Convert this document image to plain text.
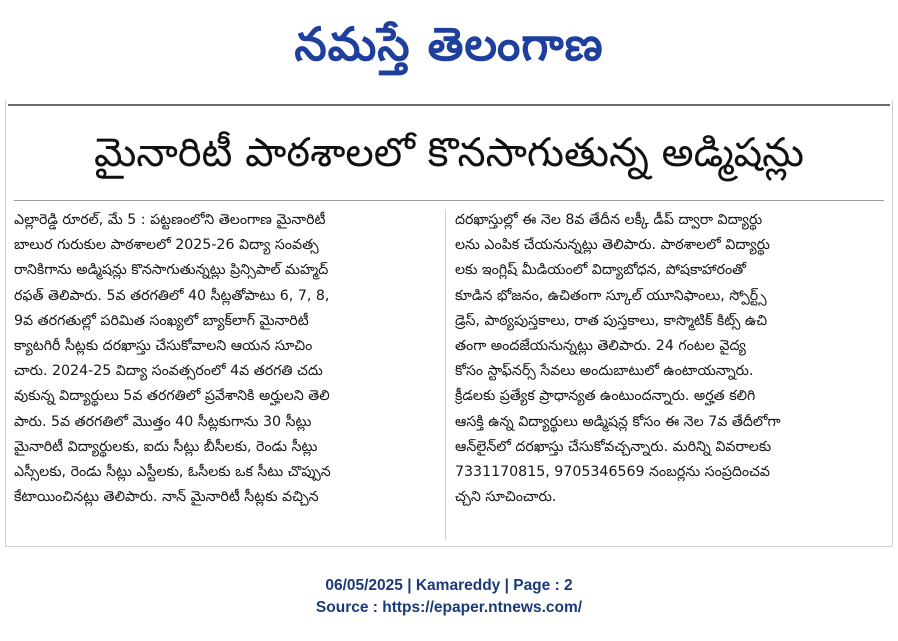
నమస్తే తెలంగాణ
మైనారిటీ పాఠశాలలో కొనసాగుతున్న అడ్మిషన్లు
ఎల్లారెడ్డి రూరల్, మే 5 : పట్టణంలోని తెలంగాణ మైనారిటీ
బాలుర గురుకుల పాఠశాలలో 2025-26 విద్యా సంవత్స
రానికిగాను అడ్మిషన్లు కొనసాగుతున్నట్లు ప్రిన్సిపాల్ మహ్మద్
రఫత్ తెలిపారు. 5వ తరగతిలో 40 సీట్లతోపాటు 6, 7, 8,
9వ తరగతుల్లో పరిమిత సంఖ్యలో బ్యాక్‌లాగ్ మైనారిటీ
క్యాటగిరీ సీట్లకు దరఖాస్తు చేసుకోవాలని ఆయన సూచిం
చారు. 2024-25 విద్యా సంవత్సరంలో 4వ తరగతి చదు
వుకున్న విద్యార్థులు 5వ తరగతిలో ప్రవేశానికి అర్హులని తెలి
పారు. 5వ తరగతిలో మొత్తం 40 సీట్లకుగాను 30 సీట్లు
మైనారిటీ విద్యార్థులకు, ఐదు సీట్లు బీసీలకు, రెండు సీట్లు
ఎస్సీలకు, రెండు సీట్లు ఎస్టీలకు, ఓసీలకు ఒక సీటు చొప్పున
కేటాయించినట్లు తెలిపారు. నాన్ మైనారిటీ సీట్లకు వచ్చిన
దరఖాస్తుల్లో ఈ నెల 8వ తేదీన లక్కీ డీప్ ద్వారా విద్యార్థు
లను ఎంపిక చేయనున్నట్లు తెలిపారు. పాఠశాలలో విద్యార్థు
లకు ఇంగ్లిష్ మీడియంలో విద్యాబోధన, పోషకాహారంతో
కూడిన భోజనం, ఉచితంగా స్కూల్ యూనిఫాంలు, స్పోర్ట్స్
డ్రెస్, పాఠ్యపుస్తకాలు, రాత పుస్తకాలు, కాస్మొటిక్ కిట్స్ ఉచి
తంగా అందజేయనున్నట్లు తెలిపారు. 24 గంటల వైద్య
కోసం స్టాఫ్‌నర్స్ సేవలు అందుబాటులో ఉంటాయన్నారు.
క్రీడలకు ప్రత్యేక ప్రాధాన్యత ఉంటుందన్నారు. అర్హత కలిగి
ఆసక్తి ఉన్న విద్యార్థులు అడ్మిషన్ల కోసం ఈ నెల 7వ తేదీలోగా
ఆన్‌లైన్‌లో దరఖాస్తు చేసుకోవచ్చన్నారు. మరిన్ని వివరాలకు
7331170815, 9705346569 నంబర్లను సంప్రదించవ
చ్చని సూచించారు.
06/05/2025 | Kamareddy | Page : 2
Source : https://epaper.ntnews.com/
